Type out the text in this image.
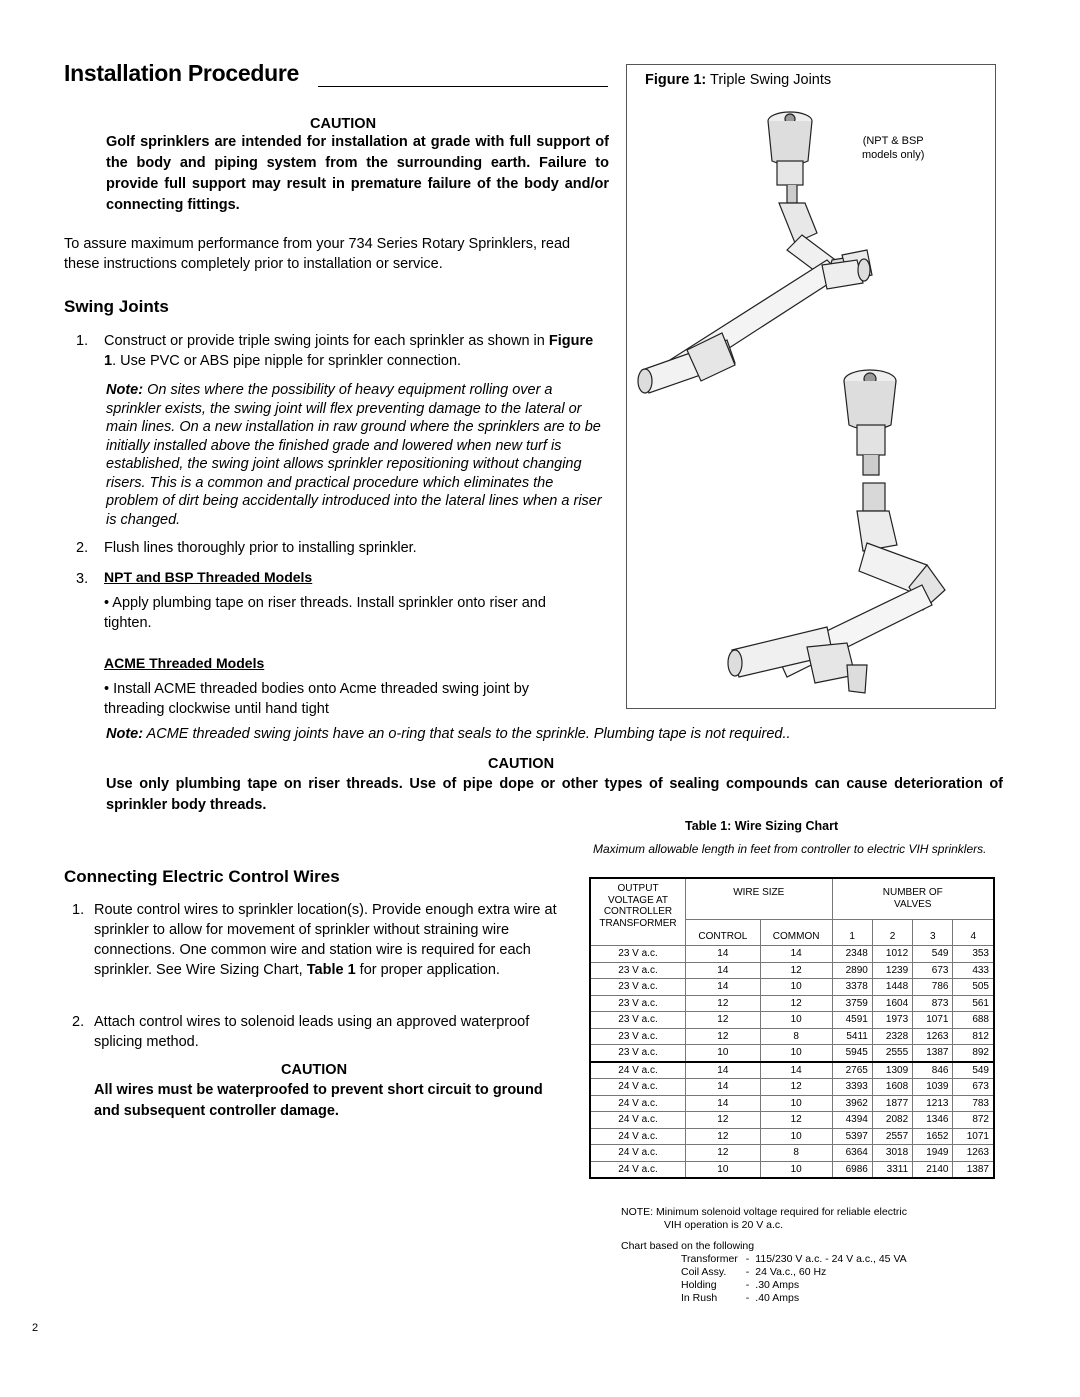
Installation Procedure
CAUTION
Golf sprinklers are intended for installation at grade with full support of the body and piping system from the surrounding earth. Failure to provide full support may result in premature failure of the body and/or connecting fittings.
To assure maximum performance from your 734 Series Rotary Sprinklers, read these instructions completely prior to installation or service.
Swing Joints
1. Construct or provide triple swing joints for each sprinkler as shown in Figure 1. Use PVC or ABS pipe nipple for sprinkler connection.
Note: On sites where the possibility of heavy equipment rolling over a sprinkler exists, the swing joint will flex preventing damage to the lateral or main lines. On a new installation in raw ground where the sprinklers are to be initially installed above the finished grade and lowered when new turf is established, the swing joint allows sprinkler repositioning without changing risers. This is a common and practical procedure which eliminates the problem of dirt being accidentally introduced into the lateral lines when a riser is changed.
2. Flush lines thoroughly prior to installing sprinkler.
3. NPT and BSP Threaded Models
• Apply plumbing tape on riser threads. Install sprinkler onto riser and tighten.
ACME Threaded Models
• Install ACME threaded bodies onto Acme threaded swing joint by threading clockwise until hand tight
Note: ACME threaded swing joints have an o-ring that seals to the sprinkle. Plumbing tape is not required..
CAUTION
Use only plumbing tape on riser threads. Use of pipe dope or other types of sealing compounds can cause deterioration of sprinkler body threads.
Figure 1: Triple Swing Joints
(NPT & BSP
models only)
Connecting Electric Control Wires
1. Route control wires to sprinkler location(s). Provide enough extra wire at sprinkler to allow for movement of sprinkler without straining wire connections. One common wire and station wire is required for each sprinkler. See Wire Sizing Chart, Table 1 for proper application.
2. Attach control wires to solenoid leads using an approved waterproof splicing method.
CAUTION
All wires must be waterproofed to prevent short circuit to ground and subsequent controller damage.
Table 1: Wire Sizing Chart
Maximum allowable length in feet from controller to electric VIH sprinklers.
OUTPUT VOLTAGE AT CONTROLLER TRANSFORMER	WIRE SIZE		NUMBER OF VALVES			

	CONTROL	COMMON	1	2	3	4
23 V a.c.	14	14	2348	1012	549	353
23 V a.c.	14	12	2890	1239	673	433
23 V a.c.	14	10	3378	1448	786	505
23 V a.c.	12	12	3759	1604	873	561
23 V a.c.	12	10	4591	1973	1071	688
23 V a.c.	12	8	5411	2328	1263	812
23 V a.c.	10	10	5945	2555	1387	892
24 V a.c.	14	14	2765	1309	846	549
24 V a.c.	14	12	3393	1608	1039	673
24 V a.c.	14	10	3962	1877	1213	783
24 V a.c.	12	12	4394	2082	1346	872
24 V a.c.	12	10	5397	2557	1652	1071
24 V a.c.	12	8	6364	3018	1949	1263
24 V a.c.	10	10	6986	3311	2140	1387
NOTE: Minimum solenoid voltage required for reliable electric
VIH operation is 20 V a.c.
Chart based on the following
Transformer	-	115/230 V a.c. - 24 V a.c., 45 VA
Coil Assy.	-	24 Va.c., 60 Hz
Holding	-	.30 Amps
In Rush	-	.40 Amps
2
